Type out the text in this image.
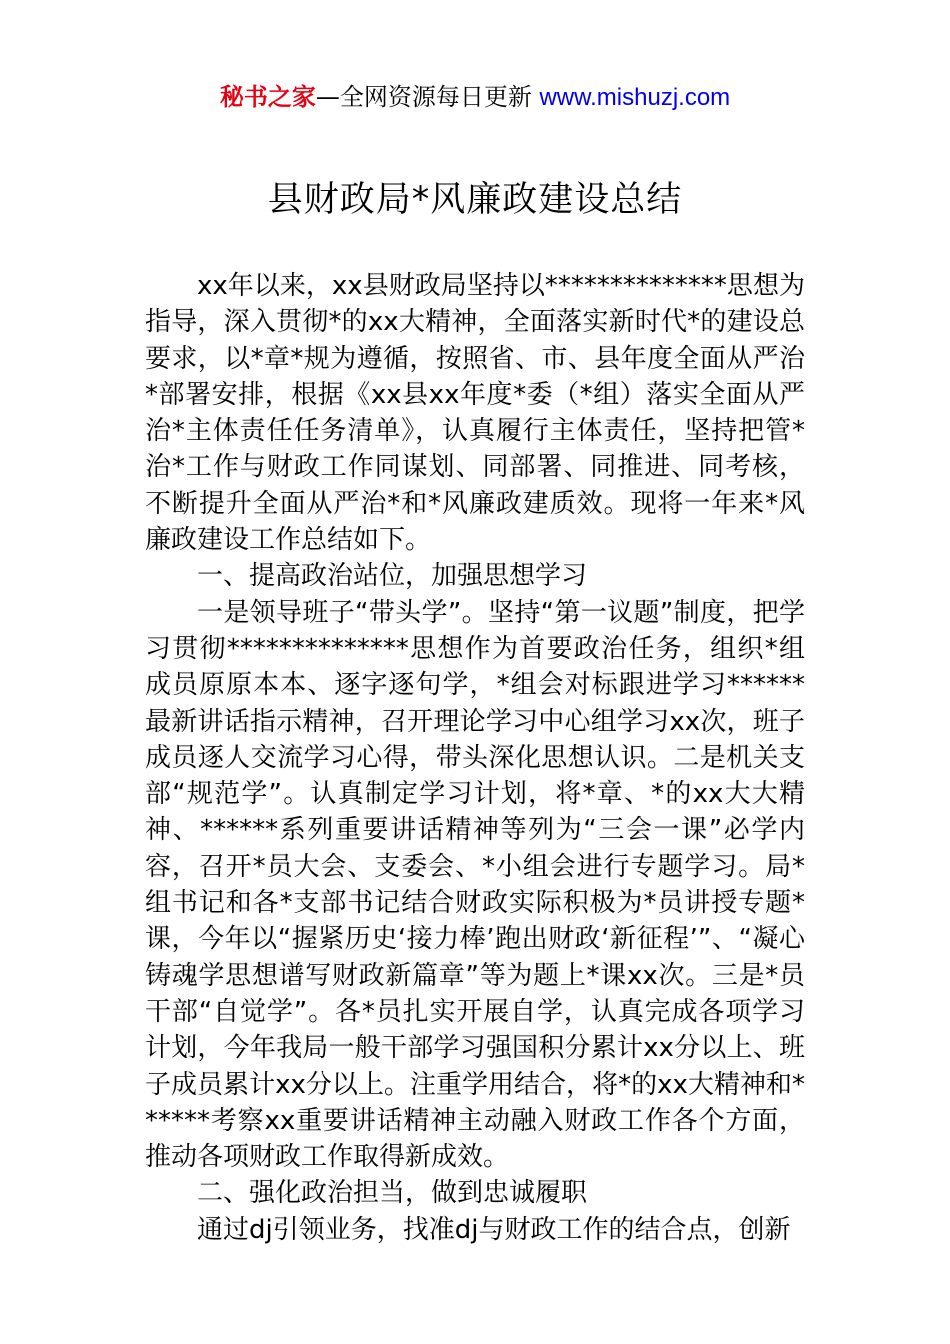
秘书之家—全网资源每日更新 www.mishuzj.com
县财政局*风廉政建设总结

xx年以来，xx县财政局坚持以**************思想为指导，深入贯彻*的xx大精神，全面落实新时代*的建设总要求，以*章*规为遵循，按照省、市、县年度全面从严治*部署安排，根据《xx县xx年度*委（*组）落实全面从严治*主体责任任务清单》，认真履行主体责任，坚持把管*治*工作与财政工作同谋划、同部署、同推进、同考核，不断提升全面从严治*和*风廉政建质效。现将一年来*风廉政建设工作总结如下。

一、提高政治站位，加强思想学习

一是领导班子“带头学”。坚持“第一议题”制度，把学习贯彻**************思想作为首要政治任务，组织*组成员原原本本、逐字逐句学，*组会对标跟进学习******最新讲话指示精神，召开理论学习中心组学习xx次，班子成员逐人交流学习心得，带头深化思想认识。二是机关支部“规范学”。认真制定学习计划，将*章、*的xx大大精神、******系列重要讲话精神等列为“三会一课”必学内容，召开*员大会、支委会、*小组会进行专题学习。局*组书记和各*支部书记结合财政实际积极为*员讲授专题*课，今年以“握紧历史‘接力棒’跑出财政‘新征程’”、“凝心铸魂学思想谱写财政新篇章”等为题上*课xx次。三是*员干部“自觉学”。各*员扎实开展自学，认真完成各项学习计划，今年我局一般干部学习强国积分累计xx分以上、班子成员累计xx分以上。注重学用结合，将*的xx大精神和******考察xx重要讲话精神主动融入财政工作各个方面，推动各项财政工作取得新成效。

二、强化政治担当，做到忠诚履职

通过dj引领业务，找准dj与财政工作的结合点，创新
